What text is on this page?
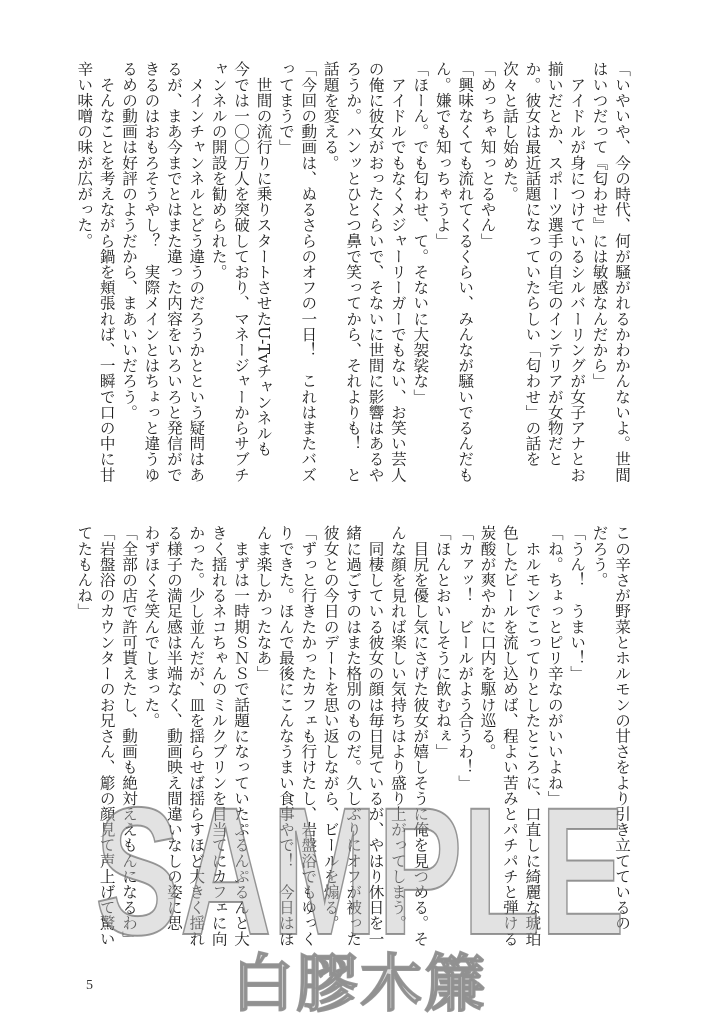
「いやいや、今の時代、何が騒がれるかわかんないよ。世間
はいつだって『匂わせ』には敏感なんだから」
　アイドルが身につけているシルバーリングが女子アナとお
揃いだとか、スポーツ選手の自宅のインテリアが女物だと
か。彼女は最近話題になっていたらしい「匂わせ」の話を
次々と話し始めた。
「めっちゃ知っとるやん」
「興味なくても流れてくるくらい、みんなが騒いでるんだも
ん。嫌でも知っちゃうよ」
「ほーん。でも匂わせ、て。そないに大袈裟な」
　アイドルでもなくメジャーリーガーでもない、お笑い芸人
の俺に彼女がおったくらいで、そないに世間に影響はあるや
ろうか。ハンッとひとつ鼻で笑ってから、それよりも！　と
話題を変える。
「今回の動画は、ぬるさらのオフの一日！　これはまたバズ
ってまうで」
　世間の流行りに乗りスタートさせたU-Tvチャンネルも
今では一〇〇万人を突破しており、マネージャーからサブチ
ャンネルの開設を勧められた。
　メインチャンネルとどう違うのだろうかとという疑問はあ
るが、まあ今までとはまた違った内容をいろいろと発信がで
きるのはおもろそうやし？　実際メインとはちょっと違うゆ
るめの動画は好評のようだから、まあいいだろう。
　そんなことを考えながら鍋を頬張れば、一瞬で口の中に甘
辛い味噌の味が広がった。
この辛さが野菜とホルモンの甘さをより引き立てているの
だろう。
「うん！　うまい！」
「ね。ちょっとピリ辛なのがいいよね」
　ホルモンでこってりとしたところに、口直しに綺麗な琥珀
色したビールを流し込めば、程よい苦みとパチパチと弾ける
炭酸が爽やかに口内を駆け巡る。
「カァッ！　ビールがよう合うわ！」
「ほんとおいしそうに飲むねぇ」
　目尻を優し気にさげた彼女が嬉しそうに俺を見つめる。そ
んな顔を見れば楽しい気持ちはより盛り上がってしまう。
　同棲している彼女の顔は毎日見ているが、やはり休日を一
緒に過ごすのはまた格別のものだ。久しぶりにオフが被った
彼女との今日のデートを思い返しながら、ビールを煽る。
「ずっと行きたかったカフェも行けたし、岩盤浴でもゆっく
りできた。ほんで最後にこんなうまい食事やで！　今日はほ
んま楽しかったなあ」
　まずは一時期ＳＮＳで話題になっていたぷるんぷるんと大
きく揺れるネコちゃんのミルクプリンを目当てにカフェに向
かった。少し並んだが、皿を揺らせば揺らすほど大きく揺れ
る様子の満足感は半端なく、動画映え間違いなしの姿に思
わずほくそ笑んでしまった。
「全部の店で許可貰えたし、動画も絶対ええもんになるわ」
「岩盤浴のカウンターのお兄さん、簓の顔見て声上げて驚い
てたもんね」
SAMPLE
白膠木簾
5
